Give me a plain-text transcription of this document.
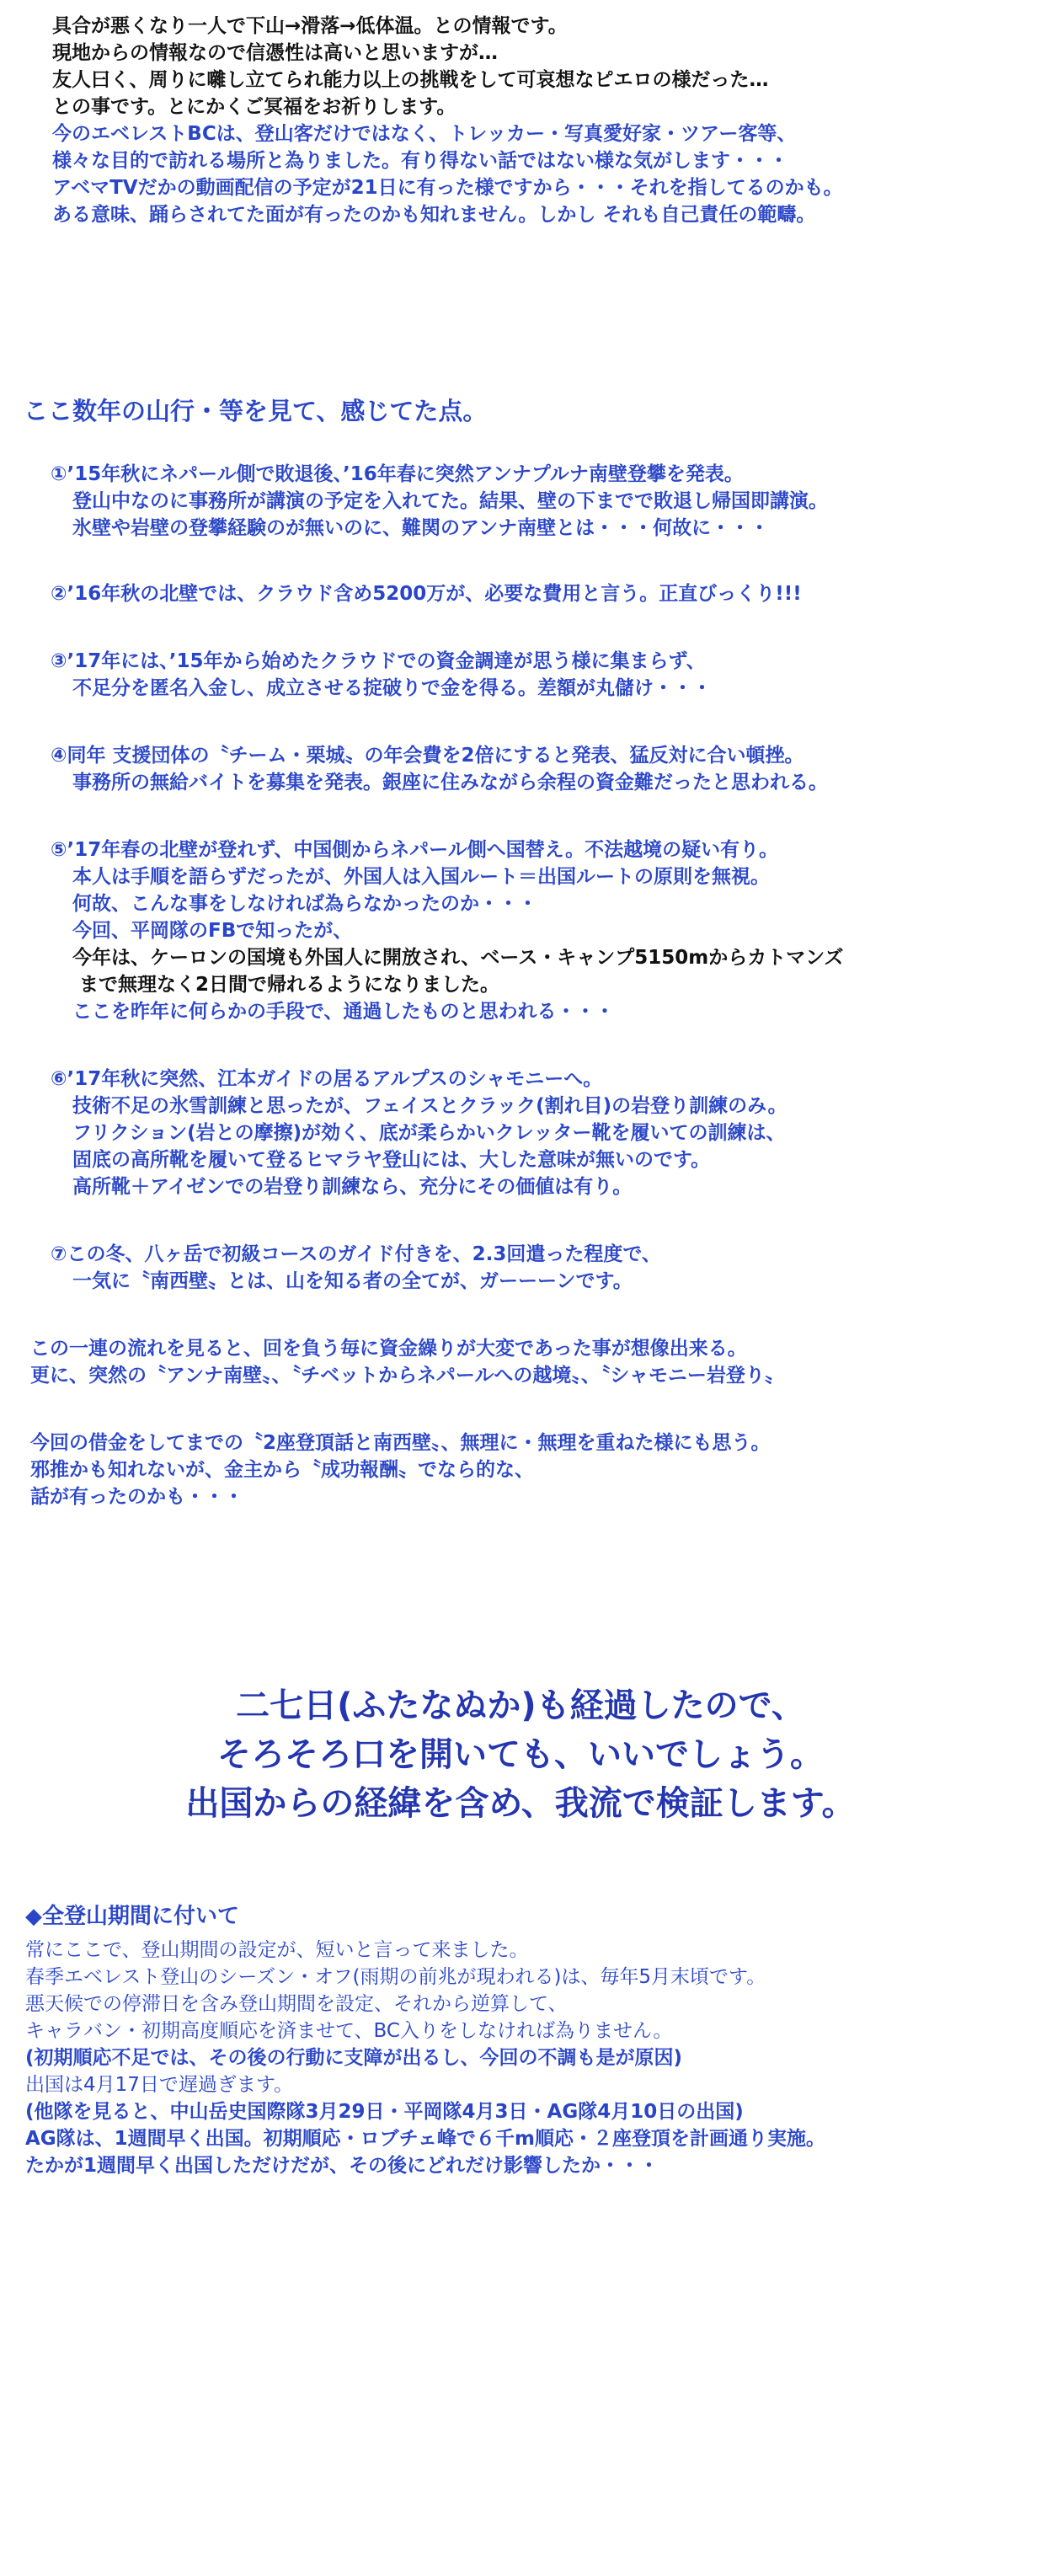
具合が悪くなり一人で下山→滑落→低体温。との情報です。

現地からの情報なので信憑性は高いと思いますが…

友人曰く、周りに囃し立てられ能力以上の挑戦をして可哀想なピエロの様だった…

との事です。とにかくご冥福をお祈りします。

今のエベレストBCは、登山客だけではなく、トレッカー・写真愛好家・ツアー客等、

様々な目的で訪れる場所と為りました。有り得ない話ではない様な気がします・・・

アベマTVだかの動画配信の予定が21日に有った様ですから・・・それを指してるのかも。

ある意味、踊らされてた面が有ったのかも知れません。しかし それも自己責任の範疇。

ここ数年の山行・等を見て、感じてた点。

①’15年秋にネパール側で敗退後、’16年春に突然アンナプルナ南壁登攀を発表。

登山中なのに事務所が講演の予定を入れてた。結果、壁の下までで敗退し帰国即講演。

氷壁や岩壁の登攀経験のが無いのに、難関のアンナ南壁とは・・・何故に・・・

②’16年秋の北壁では、クラウド含め5200万が、必要な費用と言う。正直びっくり!!!

③’17年には、’15年から始めたクラウドでの資金調達が思う様に集まらず、

不足分を匿名入金し、成立させる掟破りで金を得る。差額が丸儲け・・・

④同年 支援団体の〝チーム・栗城〟の年会費を2倍にすると発表、猛反対に合い頓挫。

事務所の無給バイトを募集を発表。銀座に住みながら余程の資金難だったと思われる。

⑤’17年春の北壁が登れず、中国側からネパール側へ国替え。不法越境の疑い有り。

本人は手順を語らずだったが、外国人は入国ルート＝出国ルートの原則を無視。

何故、こんな事をしなければ為らなかったのか・・・

今回、平岡隊のFBで知ったが、

今年は、ケーロンの国境も外国人に開放され、ベース・キャンプ5150mからカトマンズ

まで無理なく2日間で帰れるようになりました。

ここを昨年に何らかの手段で、通過したものと思われる・・・

⑥’17年秋に突然、江本ガイドの居るアルプスのシャモニーへ。

技術不足の氷雪訓練と思ったが、フェイスとクラック(割れ目)の岩登り訓練のみ。

フリクション(岩との摩擦)が効く、底が柔らかいクレッター靴を履いての訓練は、

固底の高所靴を履いて登るヒマラヤ登山には、大した意味が無いのです。

高所靴＋アイゼンでの岩登り訓練なら、充分にその価値は有り。

⑦この冬、八ヶ岳で初級コースのガイド付きを、2.3回遣った程度で、

一気に〝南西壁〟とは、山を知る者の全てが、ガーーーンです。

この一連の流れを見ると、回を負う毎に資金繰りが大変であった事が想像出来る。

更に、突然の〝アンナ南壁〟、〝チベットからネパールへの越境〟、〝シャモニー岩登り〟

今回の借金をしてまでの〝2座登頂話と南西壁〟、無理に・無理を重ねた様にも思う。

邪推かも知れないが、金主から〝成功報酬〟でなら的な、

話が有ったのかも・・・

二七日(ふたなぬか)も経過したので、

そろそろ口を開いても、いいでしょう。

出国からの経緯を含め、我流で検証します。

◆全登山期間に付いて

常にここで、登山期間の設定が、短いと言って来ました。

春季エベレスト登山のシーズン・オフ(雨期の前兆が現われる)は、毎年5月末頃です。

悪天候での停滞日を含み登山期間を設定、それから逆算して、

キャラバン・初期高度順応を済ませて、BC入りをしなければ為りません。

(初期順応不足では、その後の行動に支障が出るし、今回の不調も是が原因)

出国は4月17日で遅過ぎます。

(他隊を見ると、中山岳史国際隊3月29日・平岡隊4月3日・AG隊4月10日の出国)

AG隊は、1週間早く出国。初期順応・ロブチェ峰で６千m順応・２座登頂を計画通り実施。

たかが1週間早く出国しただけだが、その後にどれだけ影響したか・・・
